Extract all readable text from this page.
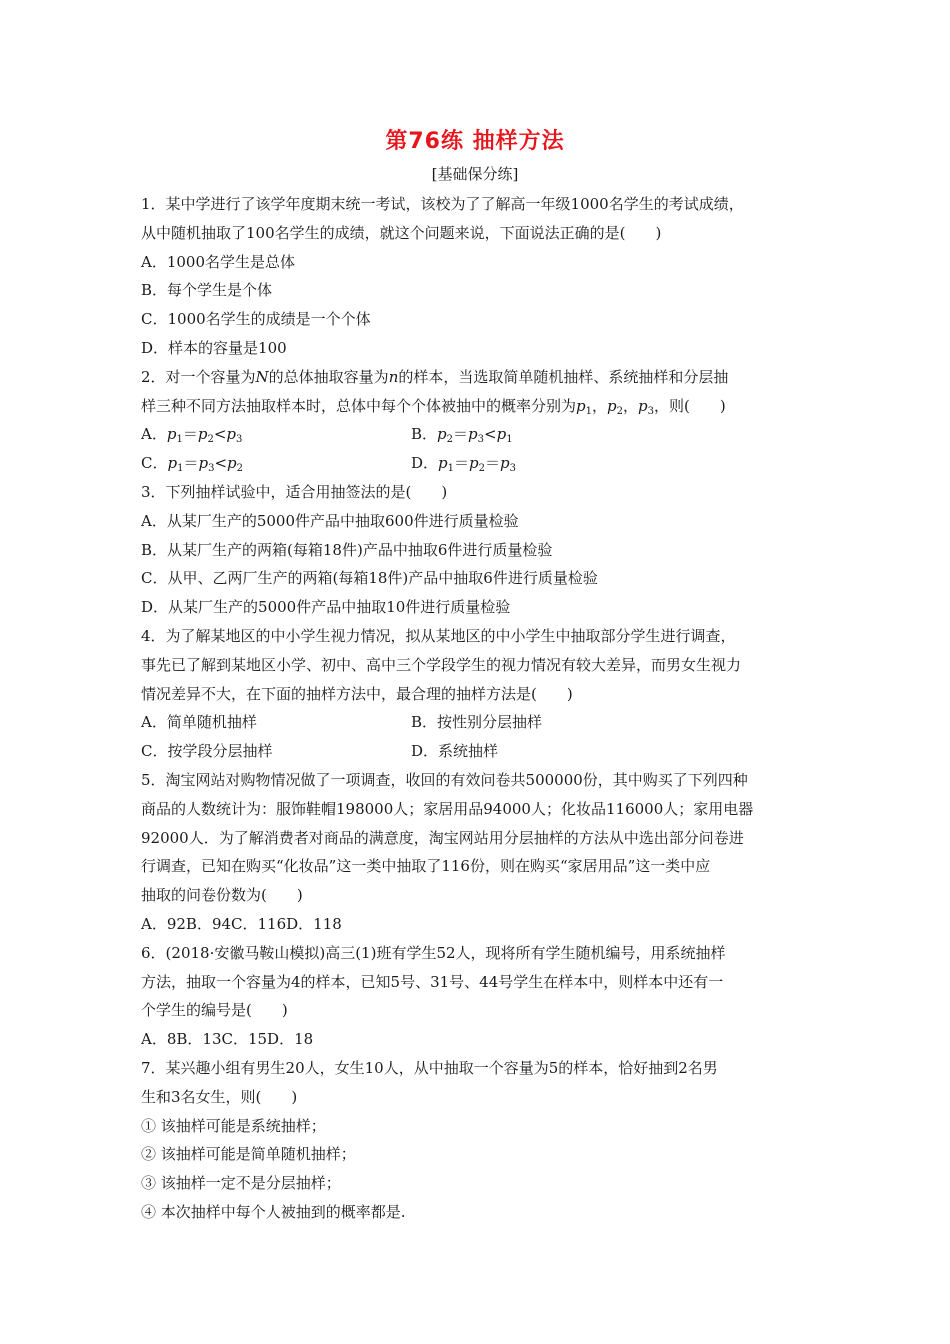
第76练 抽样方法
[基础保分练]
1．某中学进行了该学年度期末统一考试，该校为了了解高一年级1000名学生的考试成绩，
从中随机抽取了100名学生的成绩，就这个问题来说，下面说法正确的是(　　)
A．1000名学生是总体
B．每个学生是个体
C．1000名学生的成绩是一个个体
D．样本的容量是100
2．对一个容量为N的总体抽取容量为n的样本，当选取简单随机抽样、系统抽样和分层抽
样三种不同方法抽取样本时，总体中每个个体被抽中的概率分别为$p_1$，$p_2$，$p_3$，则(　　)
A．$p_1=p_2<p_3$	B．$p_2=p_3<p_1$
C．$p_1=p_3<p_2$	D．$p_1=p_2=p_3$
3．下列抽样试验中，适合用抽签法的是(　　)
A．从某厂生产的5000件产品中抽取600件进行质量检验
B．从某厂生产的两箱(每箱18件)产品中抽取6件进行质量检验
C．从甲、乙两厂生产的两箱(每箱18件)产品中抽取6件进行质量检验
D．从某厂生产的5000件产品中抽取10件进行质量检验
4．为了解某地区的中小学生视力情况，拟从某地区的中小学生中抽取部分学生进行调查，
事先已了解到某地区小学、初中、高中三个学段学生的视力情况有较大差异，而男女生视力
情况差异不大，在下面的抽样方法中，最合理的抽样方法是(　　)
A．简单随机抽样	B．按性别分层抽样
C．按学段分层抽样	D．系统抽样
5．淘宝网站对购物情况做了一项调查，收回的有效问卷共500000份，其中购买了下列四种
商品的人数统计为：服饰鞋帽198000人；家居用品94000人；化妆品116000人；家用电器
92000人．为了解消费者对商品的满意度，淘宝网站用分层抽样的方法从中选出部分问卷进
行调查，已知在购买“化妆品”这一类中抽取了116份，则在购买“家居用品”这一类中应
抽取的问卷份数为(　　)
A．92B．94C．116D．118
6．(2018·安徽马鞍山模拟)高三(1)班有学生52人，现将所有学生随机编号，用系统抽样
方法，抽取一个容量为4的样本，已知5号、31号、44号学生在样本中，则样本中还有一
个学生的编号是(　　)
A．8B．13C．15D．18
7．某兴趣小组有男生20人，女生10人，从中抽取一个容量为5的样本，恰好抽到2名男
生和3名女生，则(　　)
① 该抽样可能是系统抽样；
② 该抽样可能是简单随机抽样；
③ 该抽样一定不是分层抽样；
④ 本次抽样中每个人被抽到的概率都是.
